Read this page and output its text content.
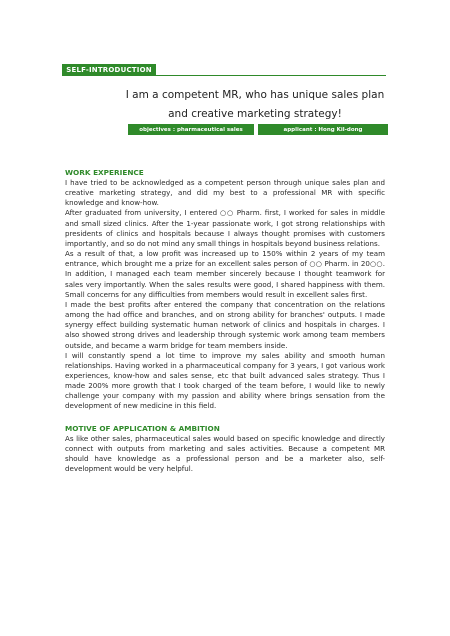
SELF-INTRODUCTION
I am a competent MR, who has unique sales plan
and creative marketing strategy!
objectives : pharmaceutical sales	applicant : Hong Kil-dong

WORK EXPERIENCE

I have tried to be acknowledged as a competent person through unique sales plan and creative marketing strategy, and did my best to a professional MR with specific knowledge and know-how.

After graduated from university, I entered ○○ Pharm. first, I worked for sales in middle and small sized clinics. After the 1-year passionate work, I got strong relationships with presidents of clinics and hospitals because I always thought promises with customers importantly, and so do not mind any small things in hospitals beyond business relations.

As a result of that, a low profit was increased up to 150% within 2 years of my team entrance, which brought me a prize for an excellent sales person of ○○ Pharm. in 20○○. In addition, I managed each team member sincerely because I thought teamwork for sales very importantly. When the sales results were good, I shared happiness with them. Small concerns for any difficulties from members would result in excellent sales first.

I made the best profits after entered the company that concentration on the relations among the had office and branches, and on strong ability for branches' outputs. I made synergy effect building systematic human network of clinics and hospitals in charges. I also showed strong drives and leadership through systemic work among team members outside, and became a warm bridge for team members inside.

I will constantly spend a lot time to improve my sales ability and smooth human relationships. Having worked in a pharmaceutical company for 3 years, I got various work experiences, know-how and sales sense, etc that built advanced sales strategy. Thus I made 200% more growth that I took charged of the team before, I would like to newly challenge your company with my passion and ability where brings sensation from the development of new medicine in this field.

MOTIVE OF APPLICATION & AMBITION

As like other sales, pharmaceutical sales would based on specific knowledge and directly connect with outputs from marketing and sales activities. Because a competent MR should have knowledge as a professional person and be a marketer also, self-development would be very helpful.
